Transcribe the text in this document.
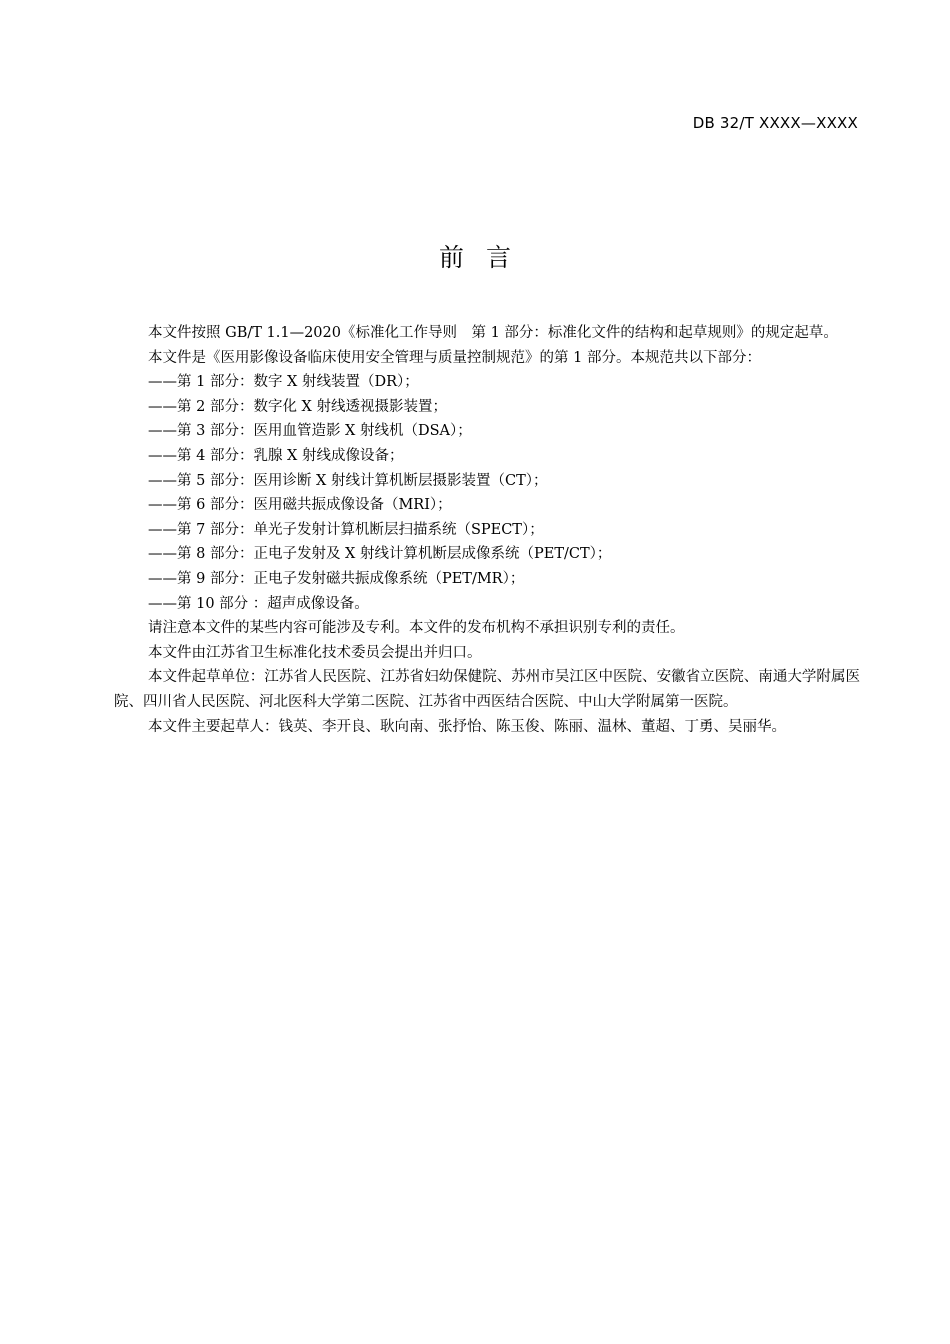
DB 32/T XXXX—XXXX
前言

本文件按照 GB/T 1.1—2020《标准化工作导则　第 1 部分：标准化文件的结构和起草规则》的规定起草。

本文件是《医用影像设备临床使用安全管理与质量控制规范》的第 1 部分。本规范共以下部分：

——第 1 部分：数字 X 射线装置（DR）；

——第 2 部分：数字化 X 射线透视摄影装置；

——第 3 部分：医用血管造影 X 射线机（DSA）；

——第 4 部分：乳腺 X 射线成像设备；

——第 5 部分：医用诊断 X 射线计算机断层摄影装置（CT）；

——第 6 部分：医用磁共振成像设备（MRI）；

——第 7 部分：单光子发射计算机断层扫描系统（SPECT）；

——第 8 部分：正电子发射及 X 射线计算机断层成像系统（PET/CT）；

——第 9 部分：正电子发射磁共振成像系统（PET/MR）；

——第 10 部分 ：超声成像设备。

请注意本文件的某些内容可能涉及专利。本文件的发布机构不承担识别专利的责任。

本文件由江苏省卫生标准化技术委员会提出并归口。

本文件起草单位：江苏省人民医院、江苏省妇幼保健院、苏州市吴江区中医院、安徽省立医院、南通大学附属医院、四川省人民医院、河北医科大学第二医院、江苏省中西医结合医院、中山大学附属第一医院。

本文件主要起草人：钱英、李开良、耿向南、张抒怡、陈玉俊、陈丽、温林、董超、丁勇、吴丽华。
